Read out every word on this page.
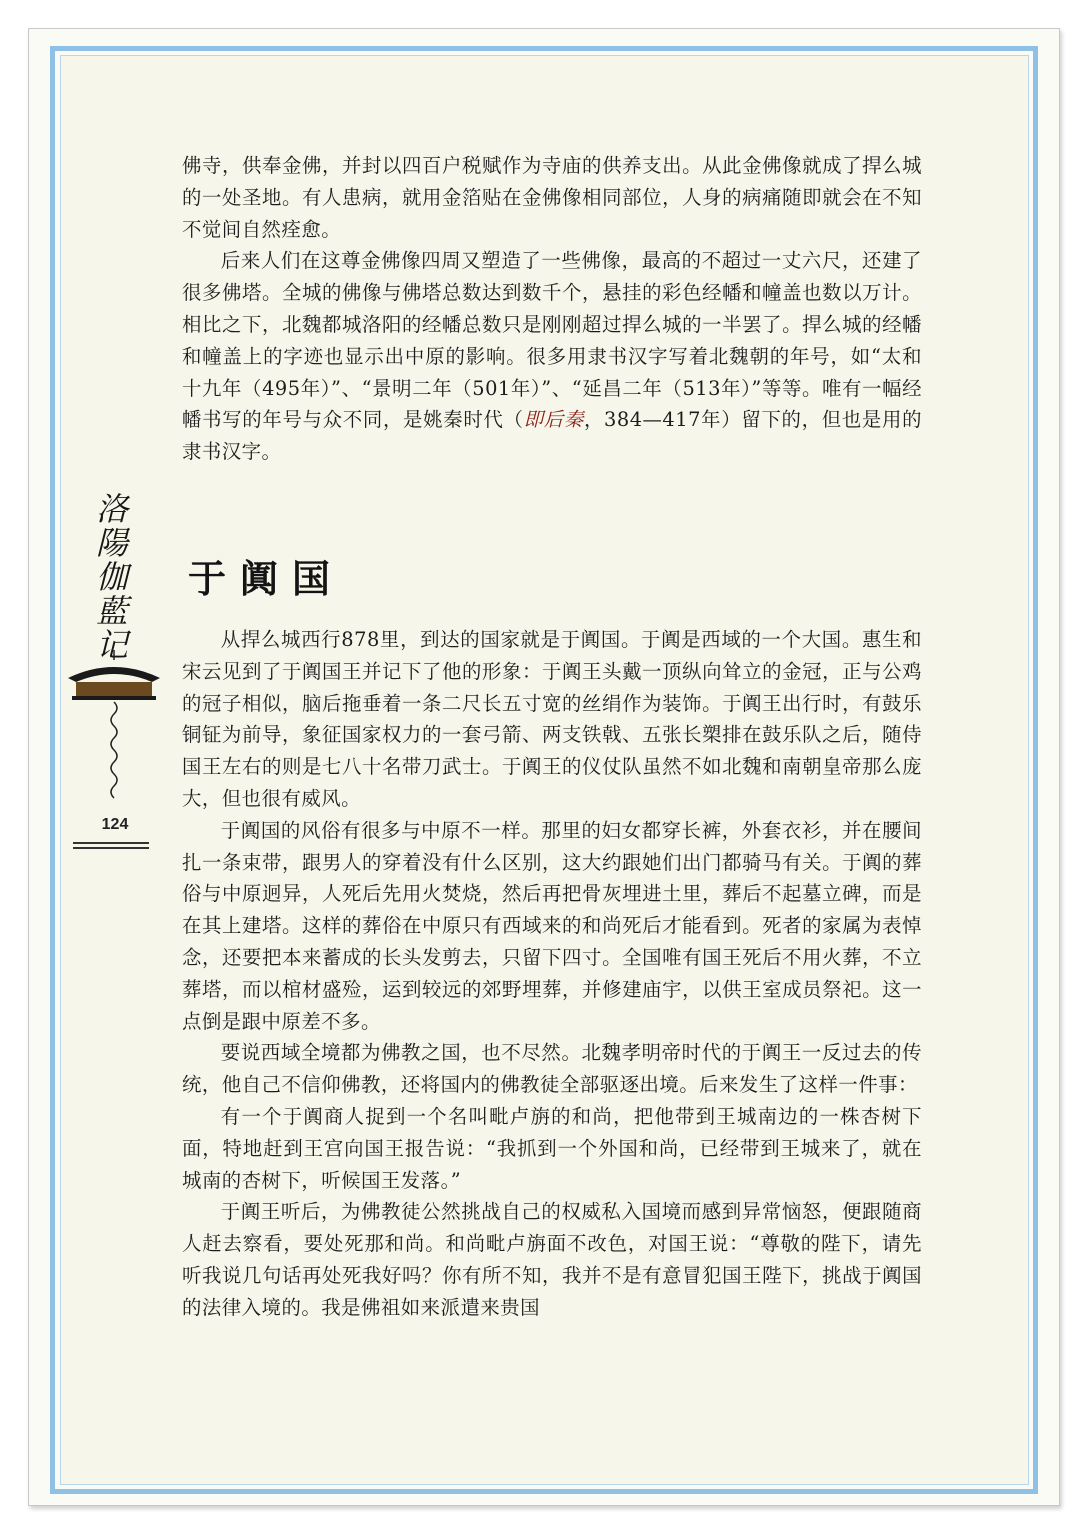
佛寺，供奉金佛，并封以四百户税赋作为寺庙的供养支出。从此金佛像就成了捍么城的一处圣地。有人患病，就用金箔贴在金佛像相同部位，人身的病痛随即就会在不知不觉间自然痊愈。

后来人们在这尊金佛像四周又塑造了一些佛像，最高的不超过一丈六尺，还建了很多佛塔。全城的佛像与佛塔总数达到数千个，悬挂的彩色经幡和幢盖也数以万计。相比之下，北魏都城洛阳的经幡总数只是刚刚超过捍么城的一半罢了。捍么城的经幡和幢盖上的字迹也显示出中原的影响。很多用隶书汉字写着北魏朝的年号，如“太和十九年（495年）”、“景明二年（501年）”、“延昌二年（513年）”等等。唯有一幅经幡书写的年号与众不同，是姚秦时代（即后秦，384—417年）留下的，但也是用的隶书汉字。

洛陽伽藍记
124
于阗国

从捍么城西行878里，到达的国家就是于阗国。于阗是西域的一个大国。惠生和宋云见到了于阗国王并记下了他的形象：于阗王头戴一顶纵向耸立的金冠，正与公鸡的冠子相似，脑后拖垂着一条二尺长五寸宽的丝绢作为装饰。于阗王出行时，有鼓乐铜钲为前导，象征国家权力的一套弓箭、两支铁戟、五张长槊排在鼓乐队之后，随侍国王左右的则是七八十名带刀武士。于阗王的仪仗队虽然不如北魏和南朝皇帝那么庞大，但也很有威风。

于阗国的风俗有很多与中原不一样。那里的妇女都穿长裤，外套衣衫，并在腰间扎一条束带，跟男人的穿着没有什么区别，这大约跟她们出门都骑马有关。于阗的葬俗与中原迥异，人死后先用火焚烧，然后再把骨灰埋进土里，葬后不起墓立碑，而是在其上建塔。这样的葬俗在中原只有西域来的和尚死后才能看到。死者的家属为表悼念，还要把本来蓄成的长头发剪去，只留下四寸。全国唯有国王死后不用火葬，不立葬塔，而以棺材盛殓，运到较远的郊野埋葬，并修建庙宇，以供王室成员祭祀。这一点倒是跟中原差不多。

要说西域全境都为佛教之国，也不尽然。北魏孝明帝时代的于阗王一反过去的传统，他自己不信仰佛教，还将国内的佛教徒全部驱逐出境。后来发生了这样一件事：

有一个于阗商人捉到一个名叫毗卢旃的和尚，把他带到王城南边的一株杏树下面，特地赶到王宫向国王报告说：“我抓到一个外国和尚，已经带到王城来了，就在城南的杏树下，听候国王发落。”

于阗王听后，为佛教徒公然挑战自己的权威私入国境而感到异常恼怒，便跟随商人赶去察看，要处死那和尚。和尚毗卢旃面不改色，对国王说：“尊敬的陛下，请先听我说几句话再处死我好吗？你有所不知，我并不是有意冒犯国王陛下，挑战于阗国的法律入境的。我是佛祖如来派遣来贵国
